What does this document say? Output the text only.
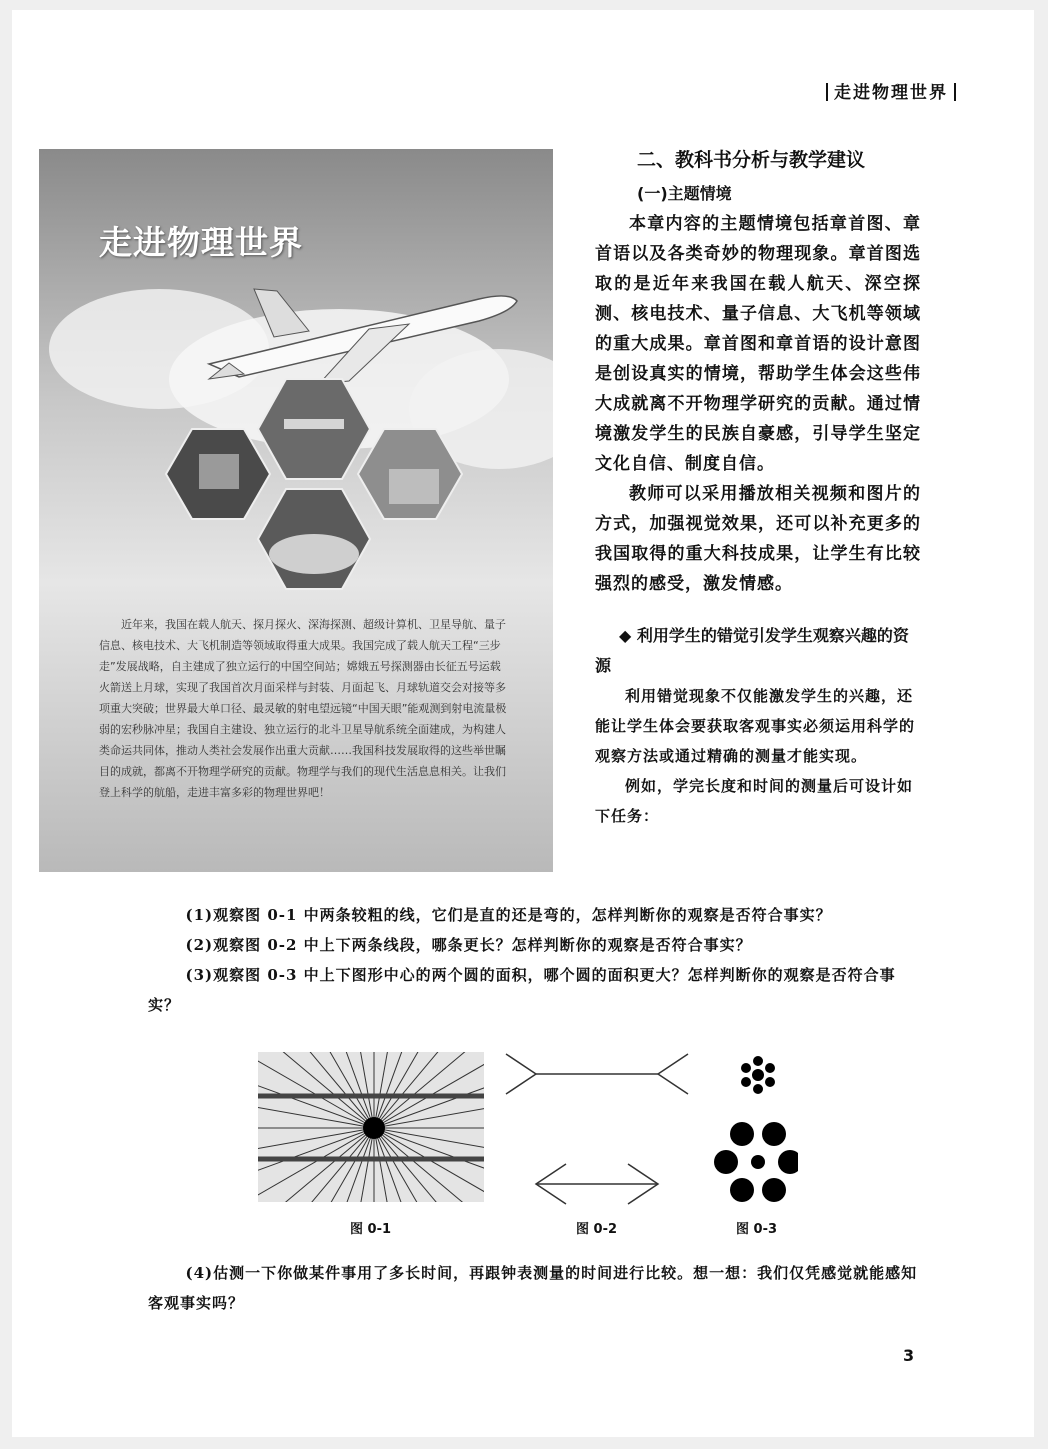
走进物理世界
走进物理世界
近年来，我国在载人航天、探月探火、深海探测、超级计算机、卫星导航、量子信息、核电技术、大飞机制造等领域取得重大成果。我国完成了载人航天工程“三步走”发展战略，自主建成了独立运行的中国空间站；嫦娥五号探测器由长征五号运载火箭送上月球，实现了我国首次月面采样与封装、月面起飞、月球轨道交会对接等多项重大突破；世界最大单口径、最灵敏的射电望远镜“中国天眼”能观测到射电流量极弱的宏秒脉冲星；我国自主建设、独立运行的北斗卫星导航系统全面建成，为构建人类命运共同体，推动人类社会发展作出重大贡献……我国科技发展取得的这些举世瞩目的成就，都离不开物理学研究的贡献。物理学与我们的现代生活息息相关。让我们登上科学的航船，走进丰富多彩的物理世界吧！
二、教科书分析与教学建议
(一)主题情境

本章内容的主题情境包括章首图、章首语以及各类奇妙的物理现象。章首图选取的是近年来我国在载人航天、深空探测、核电技术、量子信息、大飞机等领域的重大成果。章首图和章首语的设计意图是创设真实的情境，帮助学生体会这些伟大成就离不开物理学研究的贡献。通过情境激发学生的民族自豪感，引导学生坚定文化自信、制度自信。

教师可以采用播放相关视频和图片的方式，加强视觉效果，还可以补充更多的我国取得的重大科技成果，让学生有比较强烈的感受，激发情感。

◆ 利用学生的错觉引发学生观察兴趣的资源

利用错觉现象不仅能激发学生的兴趣，还能让学生体会要获取客观事实必须运用科学的观察方法或通过精确的测量才能实现。

例如，学完长度和时间的测量后可设计如下任务：

(1)观察图 0-1 中两条较粗的线，它们是直的还是弯的，怎样判断你的观察是否符合事实？

(2)观察图 0-2 中上下两条线段，哪条更长？怎样判断你的观察是否符合事实？

(3)观察图 0-3 中上下图形中心的两个圆的面积，哪个圆的面积更大？怎样判断你的观察是否符合事实？

图 0-1	图 0-2	图 0-3

(4)估测一下你做某件事用了多长时间，再跟钟表测量的时间进行比较。想一想：我们仅凭感觉就能感知客观事实吗？

3
